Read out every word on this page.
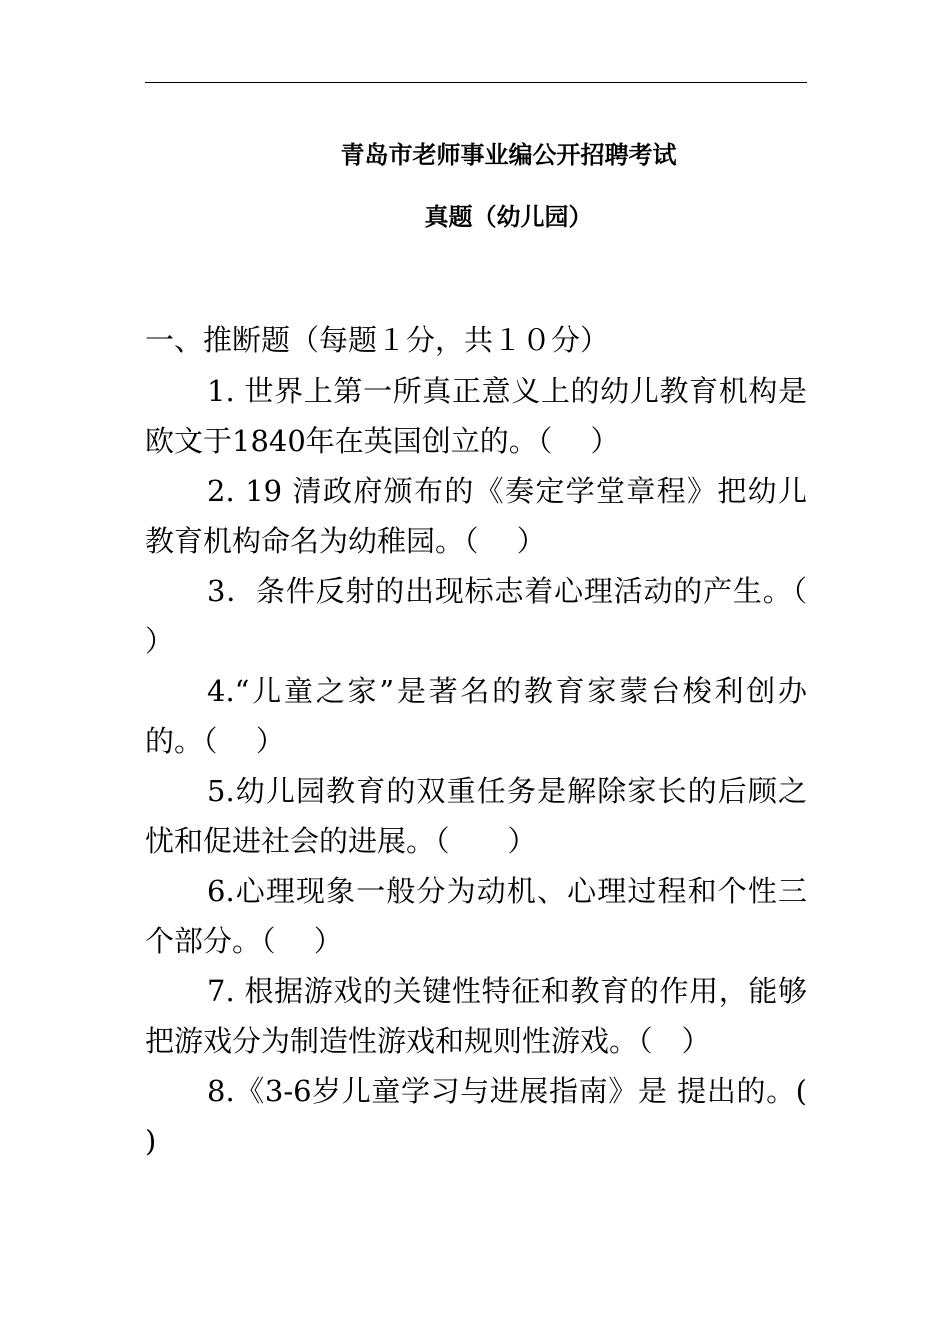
青岛市老师事业编公开招聘考试
真题（幼儿园）
一、推断题（每题１分，共１０分）

1. 世界上第一所真正意义上的幼儿教育机构是欧文于1840年在英国创立的。（　 ）

2. 19 清政府颁布的《奏定学堂章程》把幼儿教育机构命名为幼稚园。（　 ）

3．条件反射的出现标志着心理活动的产生。（　 ）

4.“儿童之家”是著名的教育家蒙台梭利创办的。（　 ）

5.幼儿园教育的双重任务是解除家长的后顾之忧和促进社会的进展。（　　）

6.心理现象一般分为动机、心理过程和个性三个部分。（　 ）

7. 根据游戏的关键性特征和教育的作用，能够把游戏分为制造性游戏和规则性游戏。（　）

8.《3-6岁儿童学习与进展指南》是 提出的。(　 )
